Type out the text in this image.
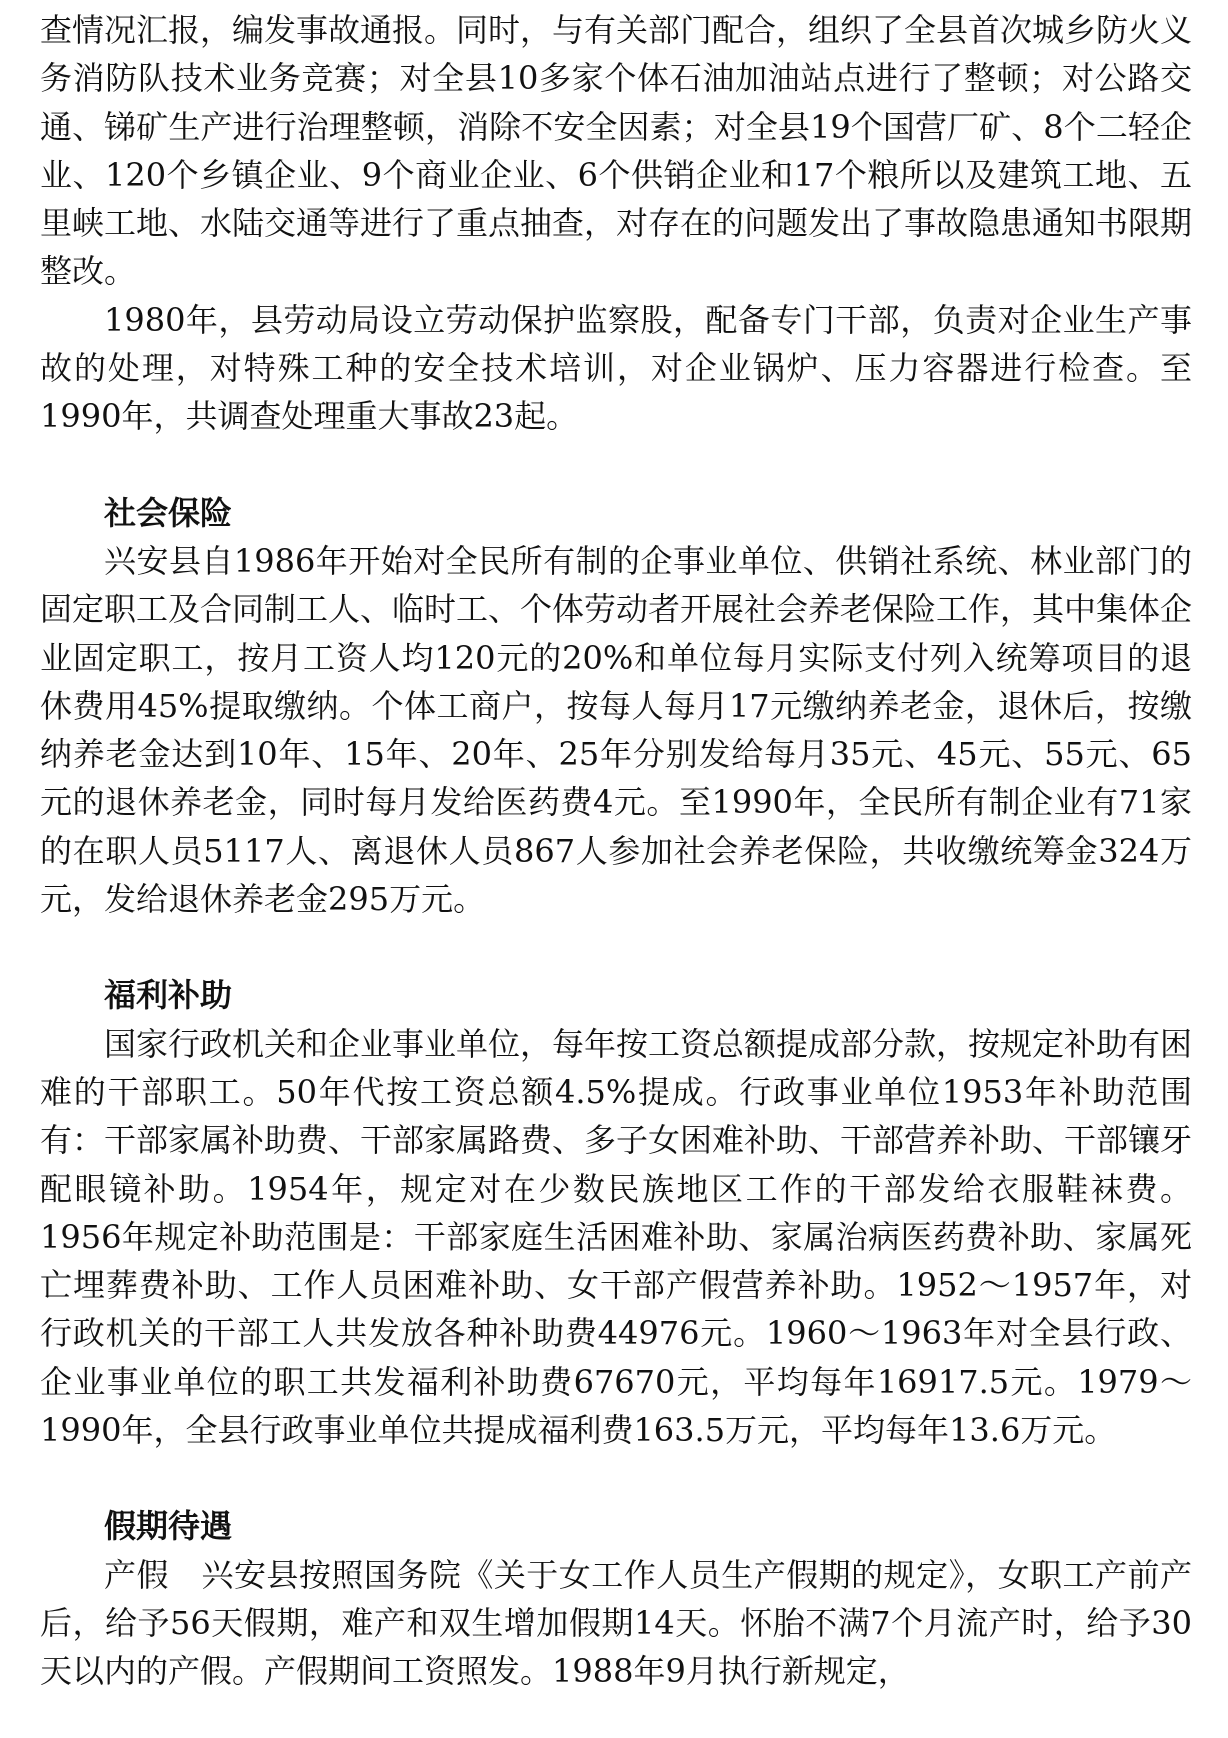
查情况汇报，编发事故通报。同时，与有关部门配合，组织了全县首次城乡防火义务消防队技术业务竞赛；对全县10多家个体石油加油站点进行了整顿；对公路交通、锑矿生产进行治理整顿，消除不安全因素；对全县19个国营厂矿、8个二轻企业、120个乡镇企业、9个商业企业、6个供销企业和17个粮所以及建筑工地、五里峡工地、水陆交通等进行了重点抽查，对存在的问题发出了事故隐患通知书限期整改。

1980年，县劳动局设立劳动保护监察股，配备专门干部，负责对企业生产事故的处理，对特殊工种的安全技术培训，对企业锅炉、压力容器进行检查。至1990年，共调查处理重大事故23起。

社会保险

兴安县自1986年开始对全民所有制的企事业单位、供销社系统、林业部门的固定职工及合同制工人、临时工、个体劳动者开展社会养老保险工作，其中集体企业固定职工，按月工资人均120元的20%和单位每月实际支付列入统筹项目的退休费用45%提取缴纳。个体工商户，按每人每月17元缴纳养老金，退休后，按缴纳养老金达到10年、15年、20年、25年分别发给每月35元、45元、55元、65元的退休养老金，同时每月发给医药费4元。至1990年，全民所有制企业有71家的在职人员5117人、离退休人员867人参加社会养老保险，共收缴统筹金324万元，发给退休养老金295万元。

福利补助

国家行政机关和企业事业单位，每年按工资总额提成部分款，按规定补助有困难的干部职工。50年代按工资总额4.5%提成。行政事业单位1953年补助范围有：干部家属补助费、干部家属路费、多子女困难补助、干部营养补助、干部镶牙配眼镜补助。1954年，规定对在少数民族地区工作的干部发给衣服鞋袜费。1956年规定补助范围是：干部家庭生活困难补助、家属治病医药费补助、家属死亡埋葬费补助、工作人员困难补助、女干部产假营养补助。1952～1957年，对行政机关的干部工人共发放各种补助费44976元。1960～1963年对全县行政、企业事业单位的职工共发福利补助费67670元，平均每年16917.5元。1979～1990年，全县行政事业单位共提成福利费163.5万元，平均每年13.6万元。

假期待遇

产假　兴安县按照国务院《关于女工作人员生产假期的规定》，女职工产前产后，给予56天假期，难产和双生增加假期14天。怀胎不满7个月流产时，给予30天以内的产假。产假期间工资照发。1988年9月执行新规定，
